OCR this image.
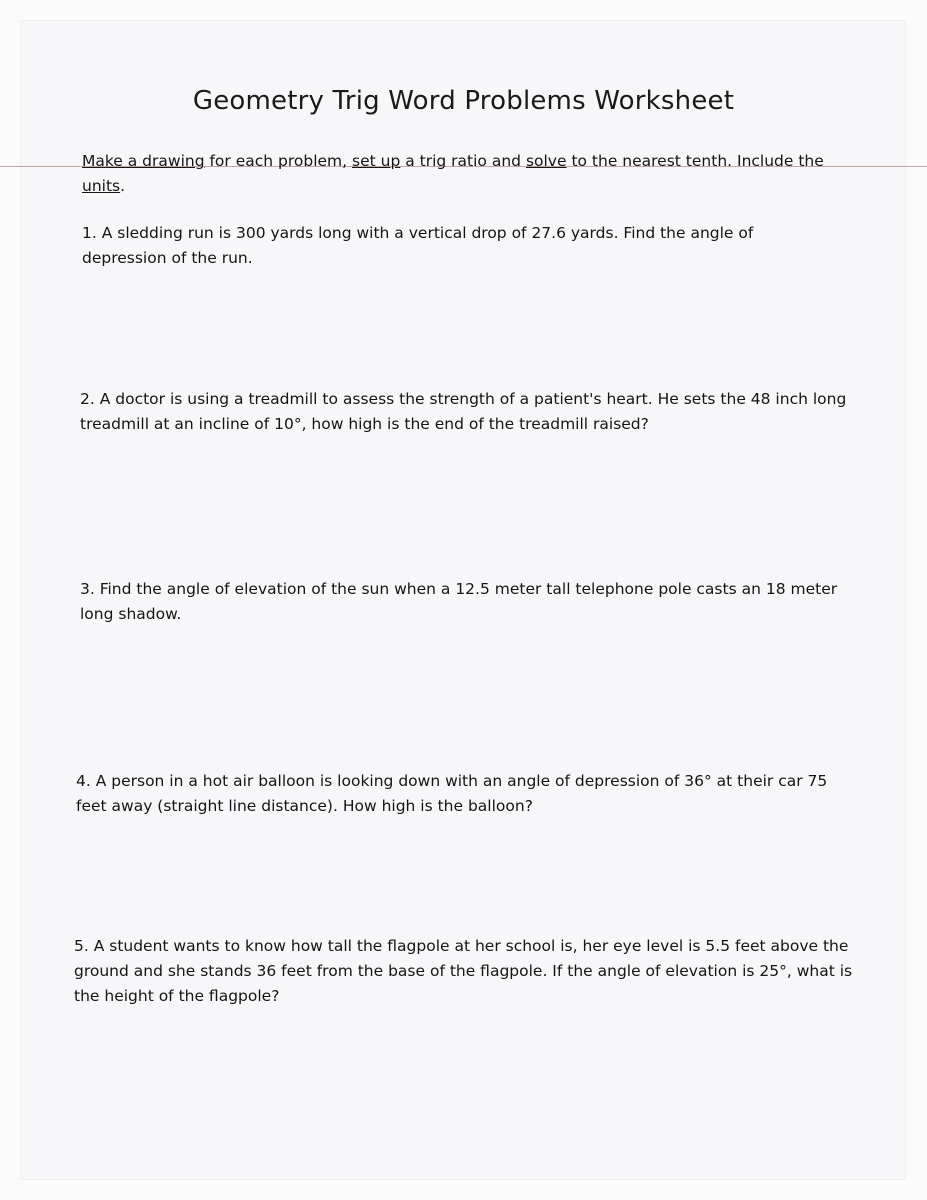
Geometry Trig Word Problems Worksheet
Make a drawing for each problem, set up a trig ratio and solve to the nearest tenth. Include the units.
1. A sledding run is 300 yards long with a vertical drop of 27.6 yards. Find the angle of depression of the run.
2. A doctor is using a treadmill to assess the strength of a patient's heart. He sets the 48 inch long treadmill at an incline of 10°, how high is the end of the treadmill raised?
3. Find the angle of elevation of the sun when a 12.5 meter tall telephone pole casts an 18 meter long shadow.
4. A person in a hot air balloon is looking down with an angle of depression of 36° at their car 75 feet away (straight line distance). How high is the balloon?
5. A student wants to know how tall the flagpole at her school is, her eye level is 5.5 feet above the ground and she stands 36 feet from the base of the flagpole. If the angle of elevation is 25°, what is the height of the flagpole?
